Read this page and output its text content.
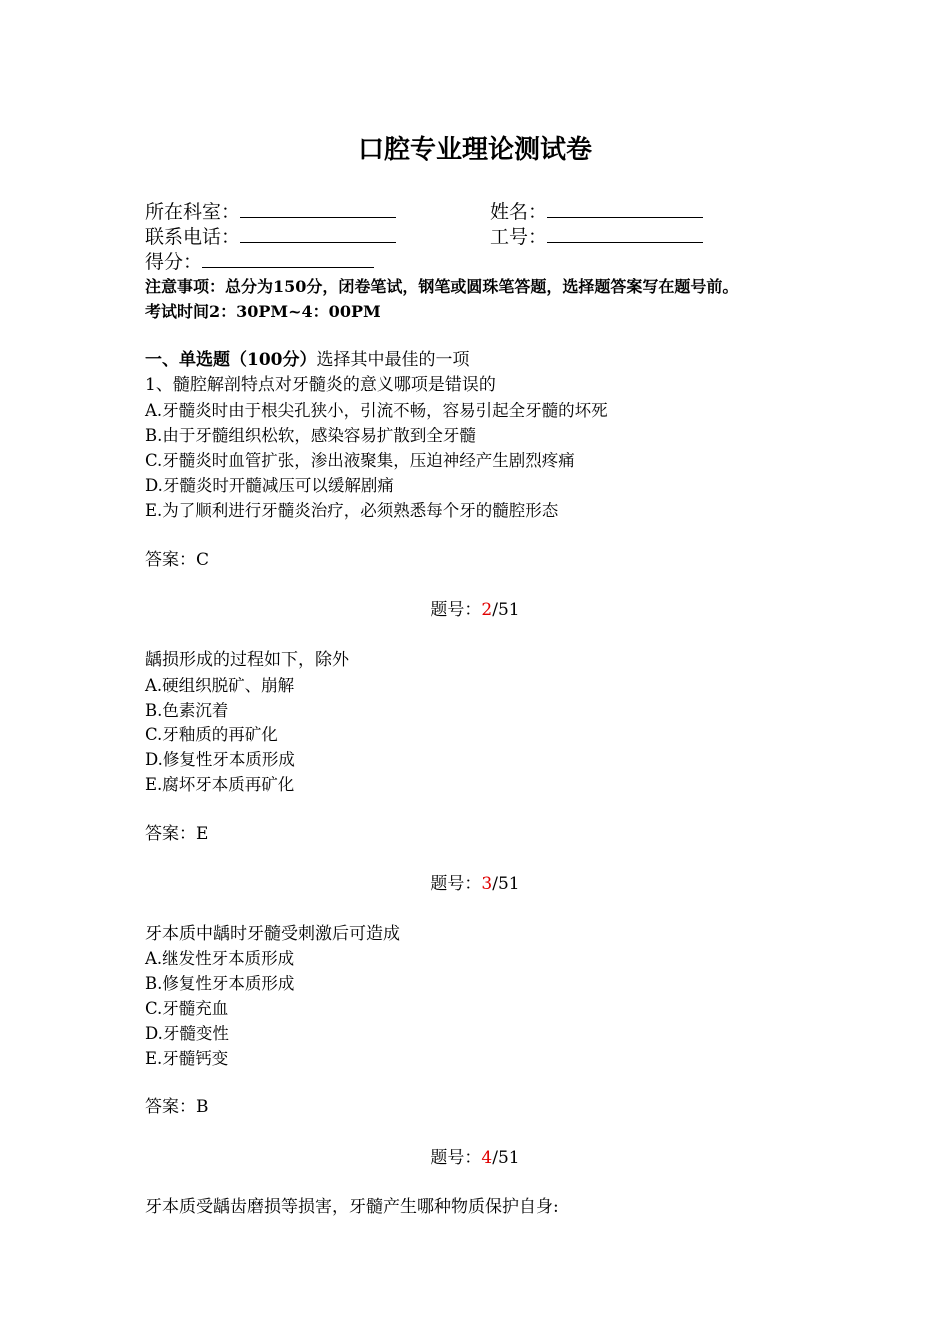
口腔专业理论测试卷
所在科室：	姓名：
联系电话：	工号：
得分：
注意事项：总分为150分，闭卷笔试，钢笔或圆珠笔答题，选择题答案写在题号前。
考试时间2：30PM~4：00PM
一、单选题（100分）选择其中最佳的一项
1、髓腔解剖特点对牙髓炎的意义哪项是错误的
A.牙髓炎时由于根尖孔狭小，引流不畅，容易引起全牙髓的坏死
B.由于牙髓组织松软，感染容易扩散到全牙髓
C.牙髓炎时血管扩张，渗出液聚集，压迫神经产生剧烈疼痛
D.牙髓炎时开髓减压可以缓解剧痛
E.为了顺利进行牙髓炎治疗，必须熟悉每个牙的髓腔形态
答案：C
题号：2/51
龋损形成的过程如下，除外
A.硬组织脱矿、崩解
B.色素沉着
C.牙釉质的再矿化
D.修复性牙本质形成
E.腐坏牙本质再矿化
答案：E
题号：3/51
牙本质中龋时牙髓受刺激后可造成
A.继发性牙本质形成
B.修复性牙本质形成
C.牙髓充血
D.牙髓变性
E.牙髓钙变
答案：B
题号：4/51
牙本质受龋齿磨损等损害，牙髓产生哪种物质保护自身:
